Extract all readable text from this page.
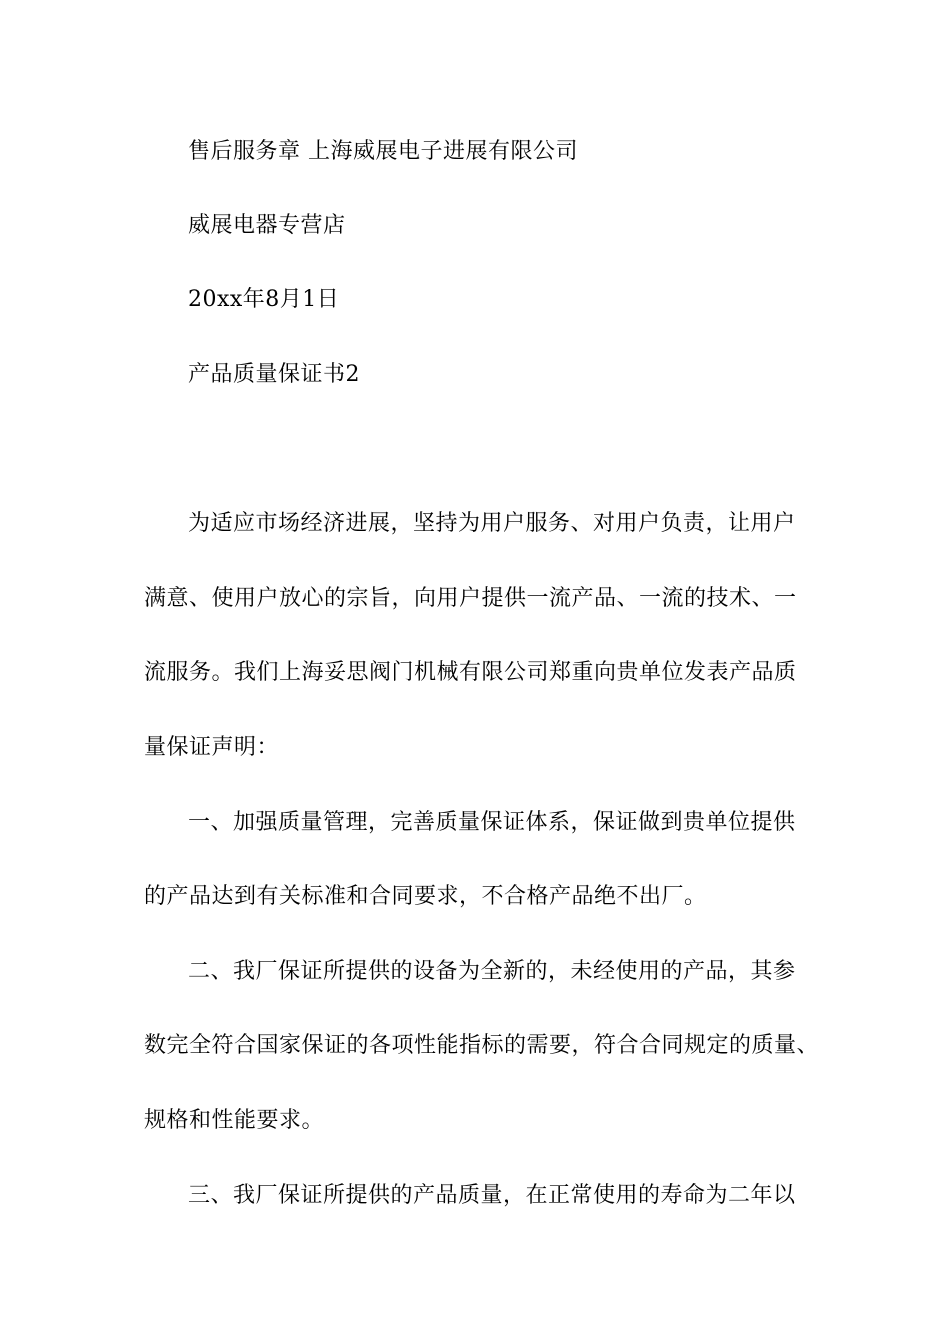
售后服务章 上海威展电子进展有限公司
威展电器专营店
20xx年8月1日
产品质量保证书2
为适应市场经济进展，坚持为用户服务、对用户负责，让用户
满意、使用户放心的宗旨，向用户提供一流产品、一流的技术、一
流服务。我们上海妥思阀门机械有限公司郑重向贵单位发表产品质
量保证声明：
一、加强质量管理，完善质量保证体系，保证做到贵单位提供
的产品达到有关标准和合同要求，不合格产品绝不出厂。
二、我厂保证所提供的设备为全新的，未经使用的产品，其参
数完全符合国家保证的各项性能指标的需要，符合合同规定的质量、
规格和性能要求。
三、我厂保证所提供的产品质量，在正常使用的寿命为二年以
